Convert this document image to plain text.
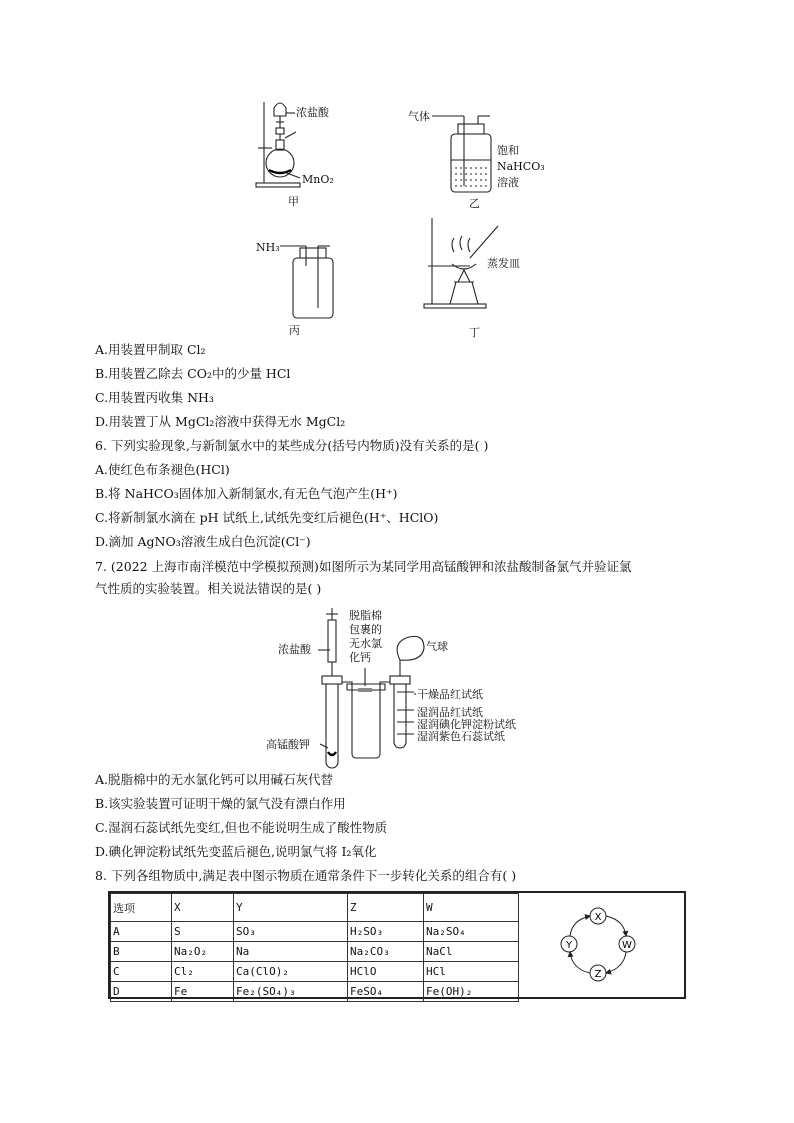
浓盐酸
MnO₂
甲
气体
饱和
NaHCO₃
溶液
乙
NH₃
丙
蒸发皿
丁
A.用装置甲制取 Cl₂
B.用装置乙除去 CO₂中的少量 HCl
C.用装置丙收集 NH₃
D.用装置丁从 MgCl₂溶液中获得无水 MgCl₂
6. 下列实验现象,与新制氯水中的某些成分(括号内物质)没有关系的是( )
A.使红色布条褪色(HCl)
B.将 NaHCO₃固体加入新制氯水,有无色气泡产生(H⁺)
C.将新制氯水滴在 pH 试纸上,试纸先变红后褪色(H⁺、HClO)
D.滴加 AgNO₃溶液生成白色沉淀(Cl⁻)
7. (2022 上海市南洋模范中学模拟预测)如图所示为某同学用高锰酸钾和浓盐酸制备氯气并验证氯
气性质的实验装置。相关说法错误的是( )
浓盐酸
脱脂棉
包裹的
无水氯
化钙
气球
高锰酸钾
干燥品红试纸
湿润品红试纸
湿润碘化钾淀粉试纸
湿润紫色石蕊试纸
A.脱脂棉中的无水氯化钙可以用碱石灰代替
B.该实验装置可证明干燥的氯气没有漂白作用
C.湿润石蕊试纸先变红,但也不能说明生成了酸性物质
D.碘化钾淀粉试纸先变蓝后褪色,说明氯气将 I₂氧化
8. 下列各组物质中,满足表中图示物质在通常条件下一步转化关系的组合有( )
选项	X	Y	Z	W
A	S	SO₃	H₂SO₃	Na₂SO₄
B	Na₂O₂	Na	Na₂CO₃	NaCl
C	Cl₂	Ca(ClO)₂	HClO	HCl
D	Fe	Fe₂(SO₄)₃	FeSO₄	Fe(OH)₂
X
Y	W
Z
